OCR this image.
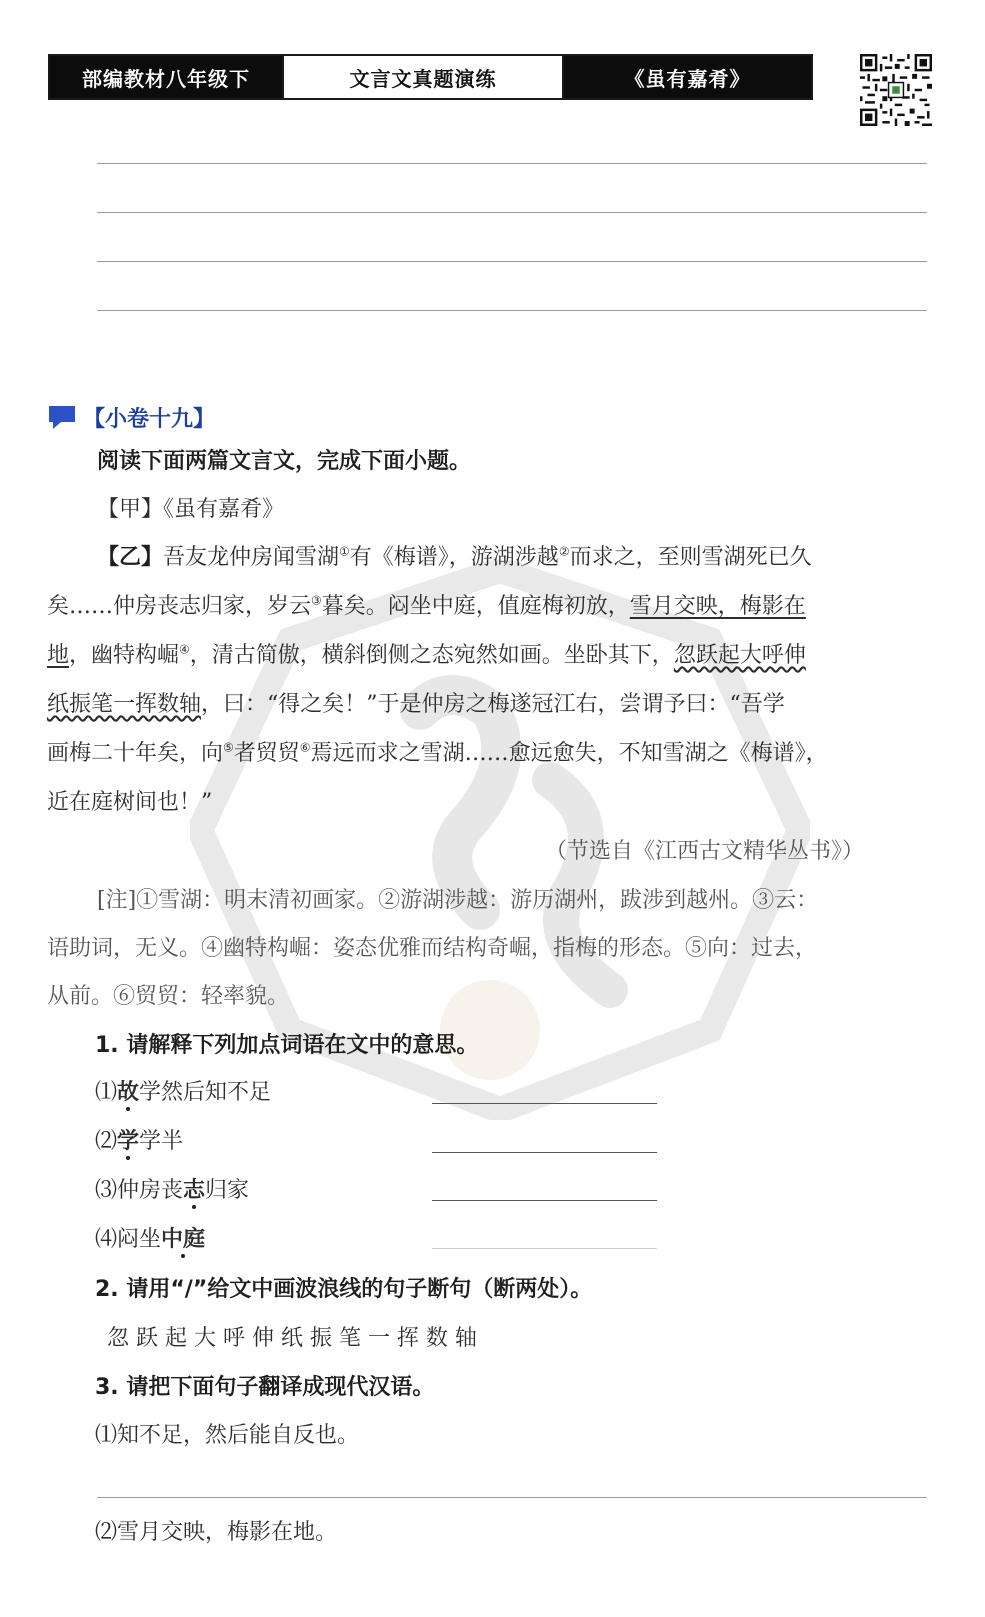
部编教材八年级下	文言文真题演练	《虽有嘉肴》
【小卷十九】
阅读下面两篇文言文，完成下面小题。
【甲】《虽有嘉肴》
【乙】吾友龙仲房闻雪湖①有《梅谱》，游湖涉越②而求之，至则雪湖死已久
矣……仲房丧志归家，岁云③暮矣。闷坐中庭，值庭梅初放，雪月交映，梅影在
地，幽特构崛④，清古简傲，横斜倒侧之态宛然如画。坐卧其下，忽跃起大呼伸
纸振笔一挥数轴，曰：“得之矣！”于是仲房之梅遂冠江右，尝谓予曰：“吾学
画梅二十年矣，向⑤者贸贸⑥焉远而求之雪湖……愈远愈失，不知雪湖之《梅谱》，
近在庭树间也！”
（节选自《江西古文精华丛书》）
[注]①雪湖：明末清初画家。②游湖涉越：游历湖州，跋涉到越州。③云：
语助词，无义。④幽特构崛：姿态优雅而结构奇崛，指梅的形态。⑤向：过去，
从前。⑥贸贸：轻率貌。
1. 请解释下列加点词语在文中的意思。
⑴故学然后知不足
⑵学学半
⑶仲房丧志归家
⑷闷坐中庭
2. 请用“/”给文中画波浪线的句子断句（断两处）。
忽 跃 起 大 呼 伸 纸 振 笔 一 挥 数 轴
3. 请把下面句子翻译成现代汉语。
⑴知不足，然后能自反也。
⑵雪月交映，梅影在地。
